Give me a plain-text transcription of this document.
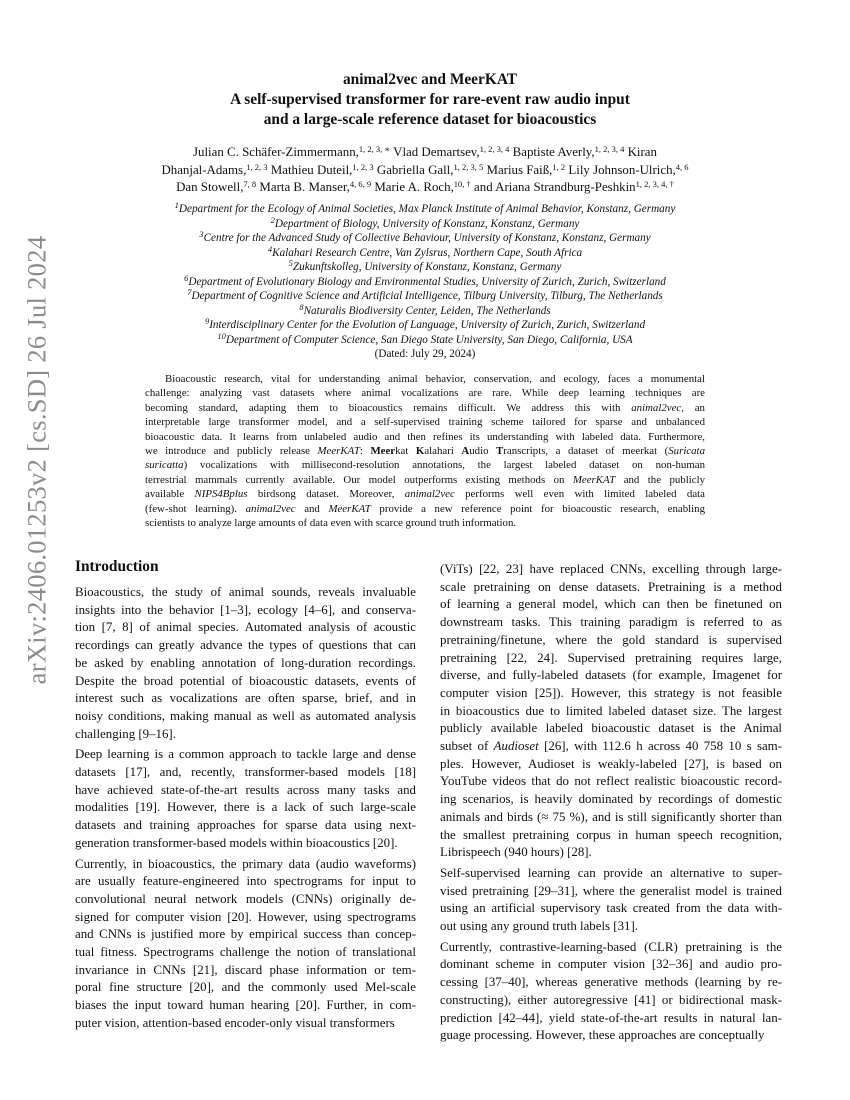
arXiv:2406.01253v2 [cs.SD] 26 Jul 2024
animal2vec and MeerKAT
A self-supervised transformer for rare-event raw audio input
and a large-scale reference dataset for bioacoustics
Julian C. Schäfer-Zimmermann,$^{1, 2, 3, ∗}$ Vlad Demartsev,$^{1, 2, 3, 4}$ Baptiste Averly,$^{1, 2, 3, 4}$ Kiran
Dhanjal-Adams,$^{1, 2, 3}$ Mathieu Duteil,$^{1, 2, 3}$ Gabriella Gall,$^{1, 2, 3, 5}$ Marius Faiß,$^{1, 2}$ Lily Johnson-Ulrich,$^{4, 6}$
Dan Stowell,$^{7, 8}$ Marta B. Manser,$^{4, 6, 9}$ Marie A. Roch,$^{10, \dagger}$ and Ariana Strandburg-Peshkin$^{1, 2, 3, 4, \dagger}$
$^1$Department for the Ecology of Animal Societies, Max Planck Institute of Animal Behavior, Konstanz, Germany
$^2$Department of Biology, University of Konstanz, Konstanz, Germany
$^3$Centre for the Advanced Study of Collective Behaviour, University of Konstanz, Konstanz, Germany
$^4$Kalahari Research Centre, Van Zylsrus, Northern Cape, South Africa
$^5$Zukunftskolleg, University of Konstanz, Konstanz, Germany
$^6$Department of Evolutionary Biology and Environmental Studies, University of Zurich, Zurich, Switzerland
$^7$Department of Cognitive Science and Artificial Intelligence, Tilburg University, Tilburg, The Netherlands
$^8$Naturalis Biodiversity Center, Leiden, The Netherlands
$^9$Interdisciplinary Center for the Evolution of Language, University of Zurich, Zurich, Switzerland
$^{10}$Department of Computer Science, San Diego State University, San Diego, California, USA
(Dated: July 29, 2024)
Bioacoustic research, vital for understanding animal behavior, conservation, and ecology, faces a monumental
challenge: analyzing vast datasets where animal vocalizations are rare. While deep learning techniques are
becoming standard, adapting them to bioacoustics remains difficult. We address this with animal2vec, an
interpretable large transformer model, and a self-supervised training scheme tailored for sparse and unbalanced
bioacoustic data. It learns from unlabeled audio and then refines its understanding with labeled data. Furthermore,
we introduce and publicly release MeerKAT: Meerkat Kalahari Audio Transcripts, a dataset of meerkat (Suricata
suricatta) vocalizations with millisecond-resolution annotations, the largest labeled dataset on non-human
terrestrial mammals currently available. Our model outperforms existing methods on MeerKAT and the publicly
available NIPS4Bplus birdsong dataset. Moreover, animal2vec performs well even with limited labeled data
(few-shot learning). animal2vec and MeerKAT provide a new reference point for bioacoustic research, enabling
scientists to analyze large amounts of data even with scarce ground truth information.
Introduction
Bioacoustics, the study of animal sounds, reveals invaluable
insights into the behavior [1–3], ecology [4–6], and conserva-
tion [7, 8] of animal species. Automated analysis of acoustic
recordings can greatly advance the types of questions that can
be asked by enabling annotation of long-duration recordings.
Despite the broad potential of bioacoustic datasets, events of
interest such as vocalizations are often sparse, brief, and in
noisy conditions, making manual as well as automated analysis
challenging [9–16].
Deep learning is a common approach to tackle large and dense
datasets [17], and, recently, transformer-based models [18]
have achieved state-of-the-art results across many tasks and
modalities [19]. However, there is a lack of such large-scale
datasets and training approaches for sparse data using next-
generation transformer-based models within bioacoustics [20].
Currently, in bioacoustics, the primary data (audio waveforms)
are usually feature-engineered into spectrograms for input to
convolutional neural network models (CNNs) originally de-
signed for computer vision [20]. However, using spectrograms
and CNNs is justified more by empirical success than concep-
tual fitness. Spectrograms challenge the notion of translational
invariance in CNNs [21], discard phase information or tem-
poral fine structure [20], and the commonly used Mel-scale
biases the input toward human hearing [20]. Further, in com-
puter vision, attention-based encoder-only visual transformers
(ViTs) [22, 23] have replaced CNNs, excelling through large-
scale pretraining on dense datasets. Pretraining is a method
of learning a general model, which can then be finetuned on
downstream tasks. This training paradigm is referred to as
pretraining/finetune, where the gold standard is supervised
pretraining [22, 24]. Supervised pretraining requires large,
diverse, and fully-labeled datasets (for example, Imagenet for
computer vision [25]). However, this strategy is not feasible
in bioacoustics due to limited labeled dataset size. The largest
publicly available labeled bioacoustic dataset is the Animal
subset of Audioset [26], with 112.6 h across 40 758 10 s sam-
ples. However, Audioset is weakly-labeled [27], is based on
YouTube videos that do not reflect realistic bioacoustic record-
ing scenarios, is heavily dominated by recordings of domestic
animals and birds (≈ 75 %), and is still significantly shorter than
the smallest pretraining corpus in human speech recognition,
Librispeech (940 hours) [28].
Self-supervised learning can provide an alternative to super-
vised pretraining [29–31], where the generalist model is trained
using an artificial supervisory task created from the data with-
out using any ground truth labels [31].
Currently, contrastive-learning-based (CLR) pretraining is the
dominant scheme in computer vision [32–36] and audio pro-
cessing [37–40], whereas generative methods (learning by re-
constructing), either autoregressive [41] or bidirectional mask-
prediction [42–44], yield state-of-the-art results in natural lan-
guage processing. However, these approaches are conceptually
